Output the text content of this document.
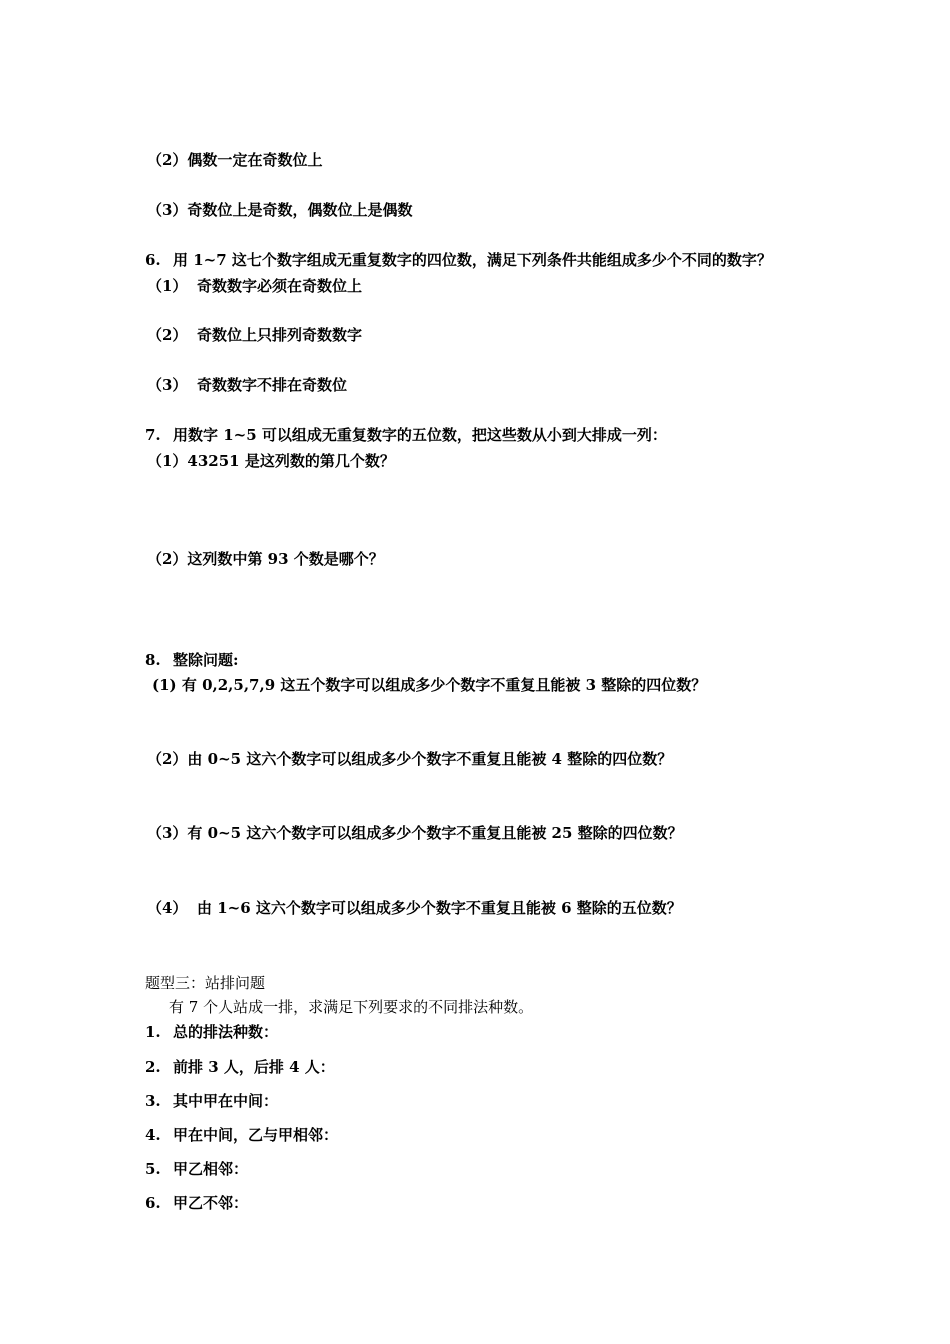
（2）偶数一定在奇数位上
（3）奇数位上是奇数，偶数位上是偶数
6. 用 1~7 这七个数字组成无重复数字的四位数，满足下列条件共能组成多少个不同的数字？
（1） 奇数数字必须在奇数位上
（2） 奇数位上只排列奇数数字
（3） 奇数数字不排在奇数位
7. 用数字 1~5 可以组成无重复数字的五位数，把这些数从小到大排成一列：
（1）43251 是这列数的第几个数？
（2）这列数中第 93 个数是哪个？
8. 整除问题:
(1) 有 0,2,5,7,9 这五个数字可以组成多少个数字不重复且能被 3 整除的四位数？
（2）由 0~5 这六个数字可以组成多少个数字不重复且能被 4 整除的四位数？
（3）有 0~5 这六个数字可以组成多少个数字不重复且能被 25 整除的四位数？
（4） 由 1~6 这六个数字可以组成多少个数字不重复且能被 6 整除的五位数？
题型三：站排问题
有 7 个人站成一排，求满足下列要求的不同排法种数。
1. 总的排法种数：
2. 前排 3 人，后排 4 人：
3. 其中甲在中间：
4. 甲在中间，乙与甲相邻：
5. 甲乙相邻：
6. 甲乙不邻：
